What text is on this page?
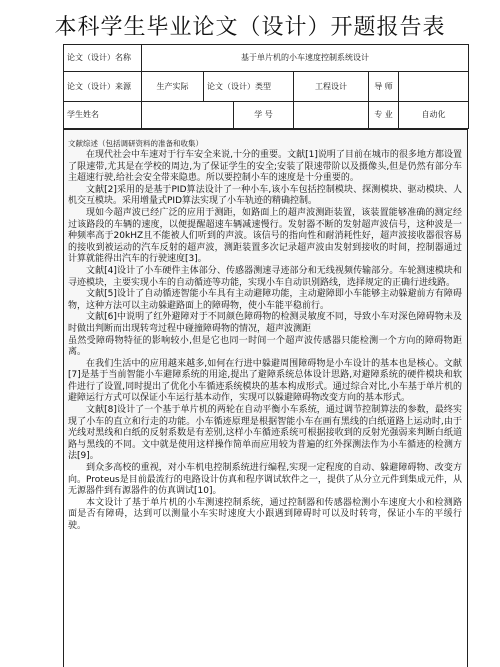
本科学生毕业论文（设计）开题报告表
论文（设计）名称	基于单片机的小车速度控制系统设计					
论文（设计）来源	生产实际	论文（设计）类型		工程设计	导 师	
学生姓名			学 号		专 业	自动化
文献综述（包括调研资料的准备和收集）

在现代社会中车速对于行车安全来说,十分的重要。文献[1]说明了目前在城市的很多地方都设置了限速带,尤其是在学校的周边,为了保证学生的安全;安装了限速带阶以及摄像头,但是仍然有部分车主超速行驶,给社会安全带来隐患。所以要控制小车的速度是十分重要的。

文献[2]采用的是基于PID算法设计了一种小车,该小车包括控制模块、探测模块、驱动模块、人机交互模块。采用增量式PID算法实现了小车轨迹的精确控制。

现如今超声波已经广泛的应用于测距，如路面上的超声波测距装置，该装置能够准确的测定经过该路段的车辆的速度，以便提醒超速车辆减速慢行。发射器不断的发射超声波信号，这种波是一种频率高于20kHZ且不能被人们听到的声波。该信号的指向性和耐消耗性好，超声波接收器很容易的接收到被运动的汽车反射的超声波，测距装置多次记录超声波由发射到接收的时间，控制器通过计算就能得出汽车的行驶速度[3]。

文献[4]设计了小车硬件主体部分、传感器测速寻迹部分和无线视频传输部分。车轮测速模块和寻迹模块，主要实现小车的自动循迹等功能，实现小车自动识别路线，选择规定的正确行进线路。

文献[5]设计了自动循迹智能小车具有主动避障功能，主动避障即小车能够主动躲避前方有障碍物，这种方法可以主动躲避路面上的障碍物，使小车能平稳前行。

文献[6]中说明了红外避障对于不同颜色障碍物的检测灵敏度不同，导致小车对深色障碍物未及时做出判断而出现转弯过程中碰撞障碍物的情况，超声波测距

虽然受障碍物特征的影响较小,但是它也同一时间一个超声波传感器只能检测一个方向的障碍物距离。

在我们生活中的应用越来越多,如何在行进中躲避周围障碍物是小车设计的基本也是核心。文献[7]是基于当前智能小车避障系统的用途,提出了避障系统总体设计思路,对避障系统的硬件模块和软件进行了设置,同时提出了优化小车循迹系统模块的基本构成形式。通过综合对比,小车基于单片机的避障运行方式可以保证小车运行基本动作，实现可以躲避障碍物改变方向的基本形式。

文献[8]设计了一个基于单片机的两轮在自动平衡小车系统，通过调节控制算法的参数，最终实现了小车的直立和行走的功能。小车循迹原理是根据智能小车在画有黑线的白纸道路上运动时,由于光线对黑线和白纸的反射系数是有差别,这样小车循迹系统可根据接收到的反射光强弱来判断白纸道路与黑线的不同。文中就是使用这样操作简单而应用较为普遍的红外探测法作为小车循迹的检测方法[9]。

到众多高校的重视，对小车机电控制系统进行编程,实现一定程度的自动、躲避障碍物、改变方向。Proteus是目前最流行的电路设计仿真和程序调试软件之一，提供了从分立元件到集成元件，从无源器件到有源器件的仿真调试[10]。

本文设计了基于单片机的小车测速控制系统，通过控制器和传感器检测小车速度大小和检测路面是否有障碍，达到可以测量小车实时速度大小跟遇到障碍时可以及时转弯，保证小车的平缓行驶。
